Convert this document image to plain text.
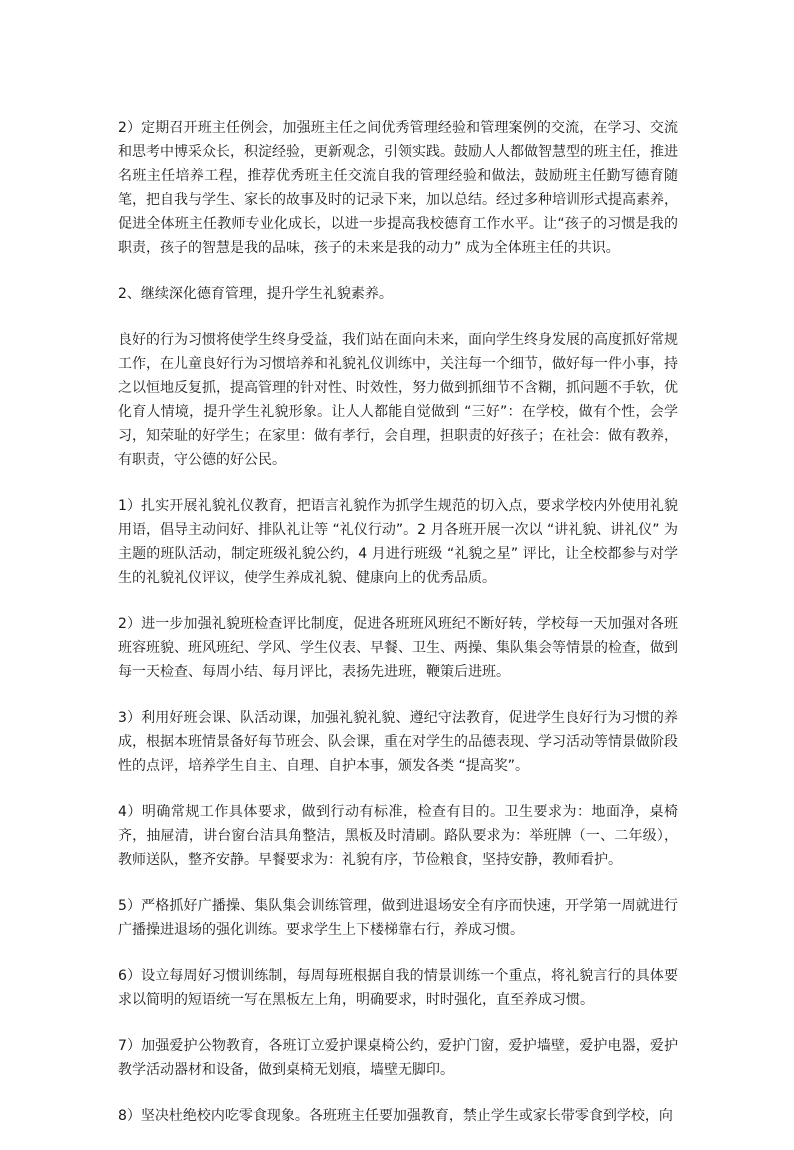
2）定期召开班主任例会，加强班主任之间优秀管理经验和管理案例的交流，在学习、交流和思考中博采众长，积淀经验，更新观念，引领实践。鼓励人人都做智慧型的班主任，推进名班主任培养工程，推荐优秀班主任交流自我的管理经验和做法，鼓励班主任勤写德育随笔，把自我与学生、家长的故事及时的记录下来，加以总结。经过多种培训形式提高素养，促进全体班主任教师专业化成长，以进一步提高我校德育工作水平。让“孩子的习惯是我的职责，孩子的智慧是我的品味，孩子的未来是我的动力” 成为全体班主任的共识。

2、继续深化德育管理，提升学生礼貌素养。

良好的行为习惯将使学生终身受益，我们站在面向未来，面向学生终身发展的高度抓好常规工作，在儿童良好行为习惯培养和礼貌礼仪训练中，关注每一个细节，做好每一件小事，持之以恒地反复抓，提高管理的针对性、时效性，努力做到抓细节不含糊，抓问题不手软，优化育人情境，提升学生礼貌形象。让人人都能自觉做到 “三好”：在学校，做有个性，会学习，知荣耻的好学生；在家里：做有孝行，会自理，担职责的好孩子；在社会：做有教养，有职责，守公德的好公民。

1）扎实开展礼貌礼仪教育，把语言礼貌作为抓学生规范的切入点，要求学校内外使用礼貌用语，倡导主动问好、排队礼让等 “礼仪行动”。2 月各班开展一次以 “讲礼貌、讲礼仪” 为主题的班队活动，制定班级礼貌公约，4 月进行班级 “礼貌之星” 评比，让全校都参与对学生的礼貌礼仪评议，使学生养成礼貌、健康向上的优秀品质。

2）进一步加强礼貌班检查评比制度，促进各班班风班纪不断好转，学校每一天加强对各班班容班貌、班风班纪、学风、学生仪表、早餐、卫生、两操、集队集会等情景的检查，做到每一天检查、每周小结、每月评比，表扬先进班，鞭策后进班。

3）利用好班会课、队活动课，加强礼貌礼貌、遵纪守法教育，促进学生良好行为习惯的养成，根据本班情景备好每节班会、队会课，重在对学生的品德表现、学习活动等情景做阶段性的点评，培养学生自主、自理、自护本事，颁发各类 “提高奖”。

4）明确常规工作具体要求，做到行动有标准，检查有目的。卫生要求为：地面净，桌椅齐，抽屉清，讲台窗台洁具角整洁，黑板及时清刷。路队要求为：举班牌（一、二年级），教师送队，整齐安静。早餐要求为：礼貌有序，节俭粮食，坚持安静，教师看护。

5）严格抓好广播操、集队集会训练管理，做到进退场安全有序而快速，开学第一周就进行广播操进退场的强化训练。要求学生上下楼梯靠右行，养成习惯。

6）设立每周好习惯训练制，每周每班根据自我的情景训练一个重点，将礼貌言行的具体要求以简明的短语统一写在黑板左上角，明确要求，时时强化，直至养成习惯。

7）加强爱护公物教育，各班订立爱护课桌椅公约，爱护门窗，爱护墙壁，爱护电器，爱护教学活动器材和设备，做到桌椅无划痕，墙壁无脚印。

8）坚决杜绝校内吃零食现象。各班班主任要加强教育，禁止学生或家长带零食到学校，向
